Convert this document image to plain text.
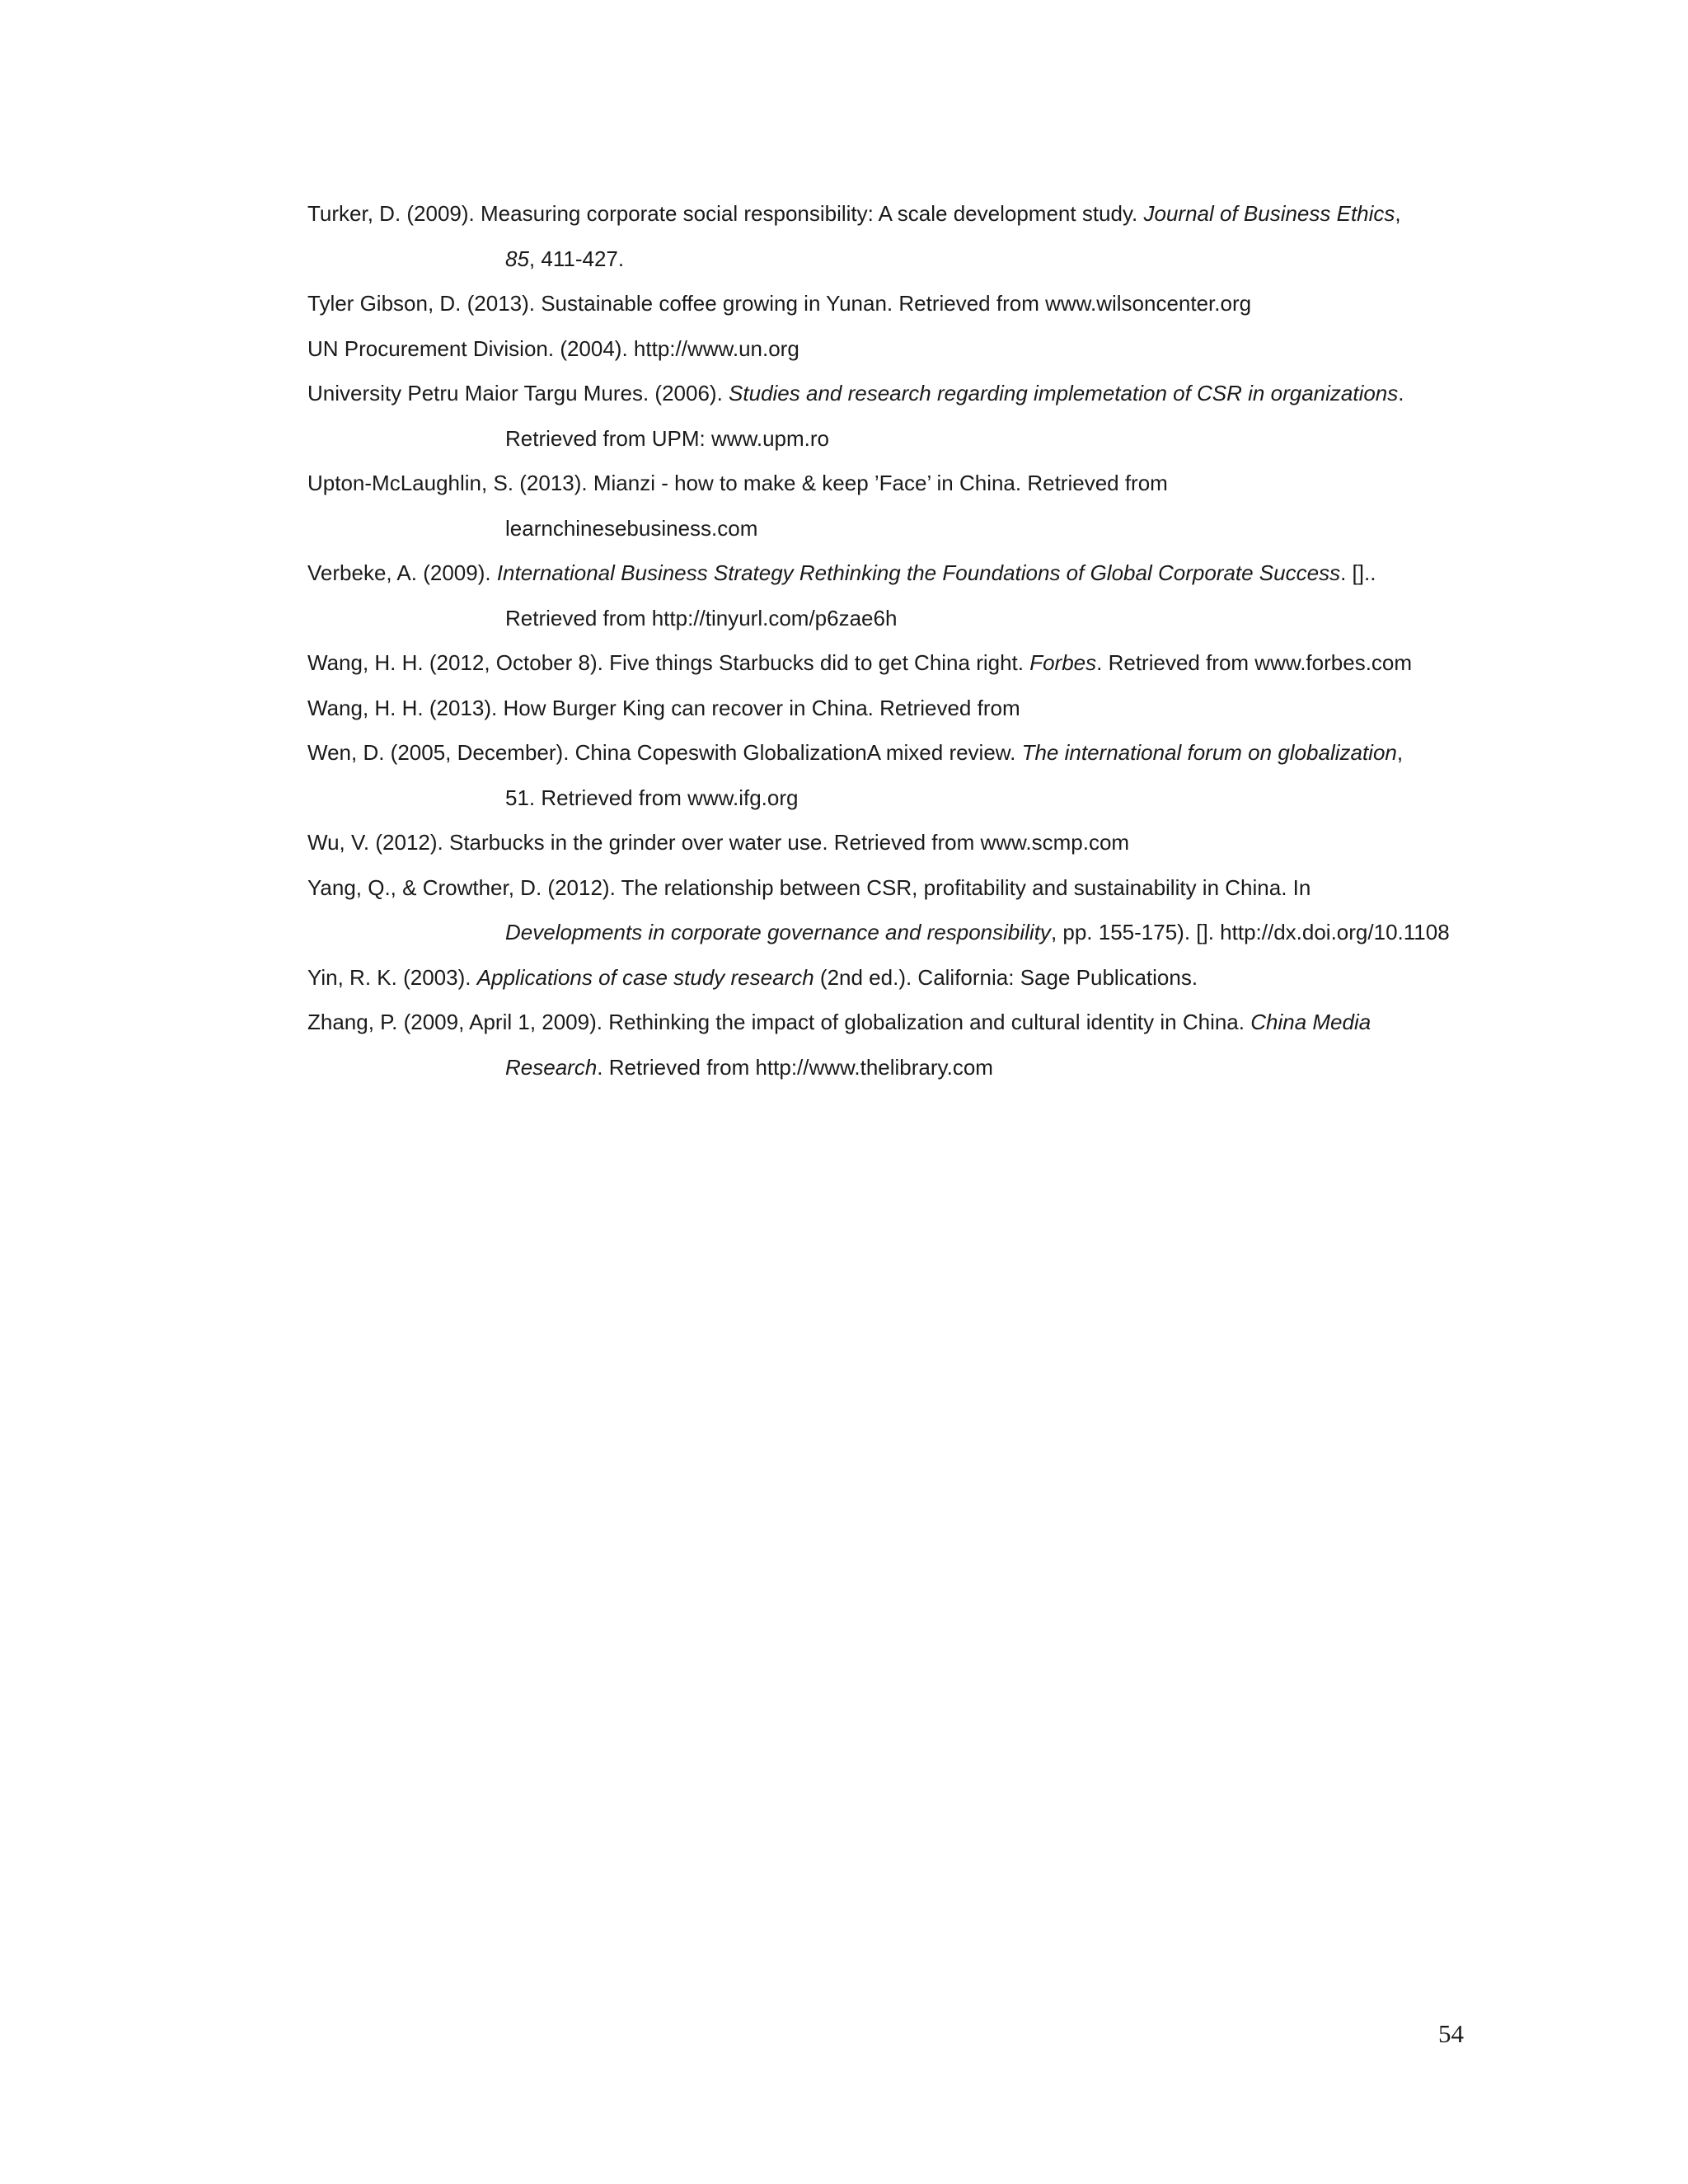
Turker, D. (2009). Measuring corporate social responsibility: A scale development study. Journal of Business Ethics,
85, 411-427.
Tyler Gibson, D. (2013). Sustainable coffee growing in Yunan. Retrieved from www.wilsoncenter.org
UN Procurement Division. (2004). http://www.un.org
University Petru Maior Targu Mures. (2006). Studies and research regarding implemetation of CSR in organizations.
Retrieved from UPM: www.upm.ro
Upton-McLaughlin, S. (2013). Mianzi - how to make & keep ’Face’ in China. Retrieved from
learnchinesebusiness.com
Verbeke, A. (2009). International Business Strategy Rethinking the Foundations of Global Corporate Success. []..
Retrieved from http://tinyurl.com/p6zae6h
Wang, H. H. (2012, October 8). Five things Starbucks did to get China right. Forbes. Retrieved from www.forbes.com
Wang, H. H. (2013). How Burger King can recover in China. Retrieved from
Wen, D. (2005, December). China Copeswith GlobalizationA mixed review. The international forum on globalization,
51. Retrieved from www.ifg.org
Wu, V. (2012). Starbucks in the grinder over water use. Retrieved from www.scmp.com
Yang, Q., & Crowther, D. (2012). The relationship between CSR, profitability and sustainability in China. In
Developments in corporate governance and responsibility, pp. 155-175). []. http://dx.doi.org/10.1108
Yin, R. K. (2003). Applications of case study research (2nd ed.). California: Sage Publications.
Zhang, P. (2009, April 1, 2009). Rethinking the impact of globalization and cultural identity in China. China Media
Research. Retrieved from http://www.thelibrary.com
54
